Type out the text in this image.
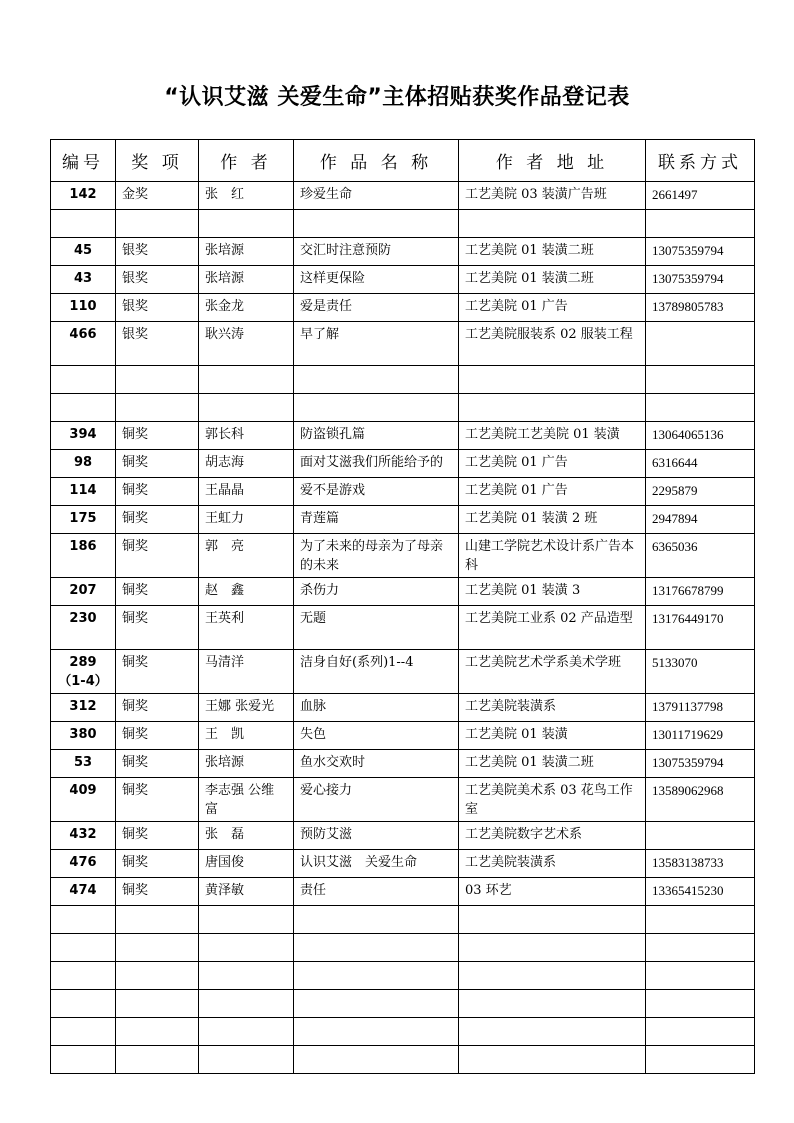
“认识艾滋 关爱生命”主体招贴获奖作品登记表
编号	奖 项	作 者	作 品 名 称	作 者 地 址	联系方式
142	金奖	张　红	珍爱生命	工艺美院 03 装潢广告班	2661497

45	银奖	张培源	交汇时注意预防	工艺美院 01 装潢二班	13075359794
43	银奖	张培源	这样更保险	工艺美院 01 装潢二班	13075359794
110	银奖	张金龙	爱是责任	工艺美院 01 广告	13789805783
466	银奖	耿兴涛	早了解	工艺美院服装系 02 服装工程	

394	铜奖	郭长科	防盗锁孔篇	工艺美院工艺美院 01 装潢	13064065136
98	铜奖	胡志海	面对艾滋我们所能给予的	工艺美院 01 广告	6316644
114	铜奖	王晶晶	爱不是游戏	工艺美院 01 广告	2295879
175	铜奖	王虹力	青莲篇	工艺美院 01 装潢 2 班	2947894
186	铜奖	郭　亮	为了未来的母亲为了母亲的未来	山建工学院艺术设计系广告本科	6365036
207	铜奖	赵　鑫	杀伤力	工艺美院 01 装潢 3	13176678799
230	铜奖	王英利	无题	工艺美院工业系 02 产品造型	13176449170
289（1-4）	铜奖	马清洋	洁身自好(系列)1--4	工艺美院艺术学系美术学班	5133070
312	铜奖	王娜 张爱光	血脉	工艺美院装潢系	13791137798
380	铜奖	王　凯	失色	工艺美院 01 装潢	13011719629
53	铜奖	张培源	鱼水交欢时	工艺美院 01 装潢二班	13075359794
409	铜奖	李志强 公维富	爱心接力	工艺美院美术系 03 花鸟工作室	13589062968
432	铜奖	张　磊	预防艾滋	工艺美院数字艺术系	
476	铜奖	唐国俊	认识艾滋　关爱生命	工艺美院装潢系	13583138733
474	铜奖	黄泽敏	责任	03 环艺	13365415230
